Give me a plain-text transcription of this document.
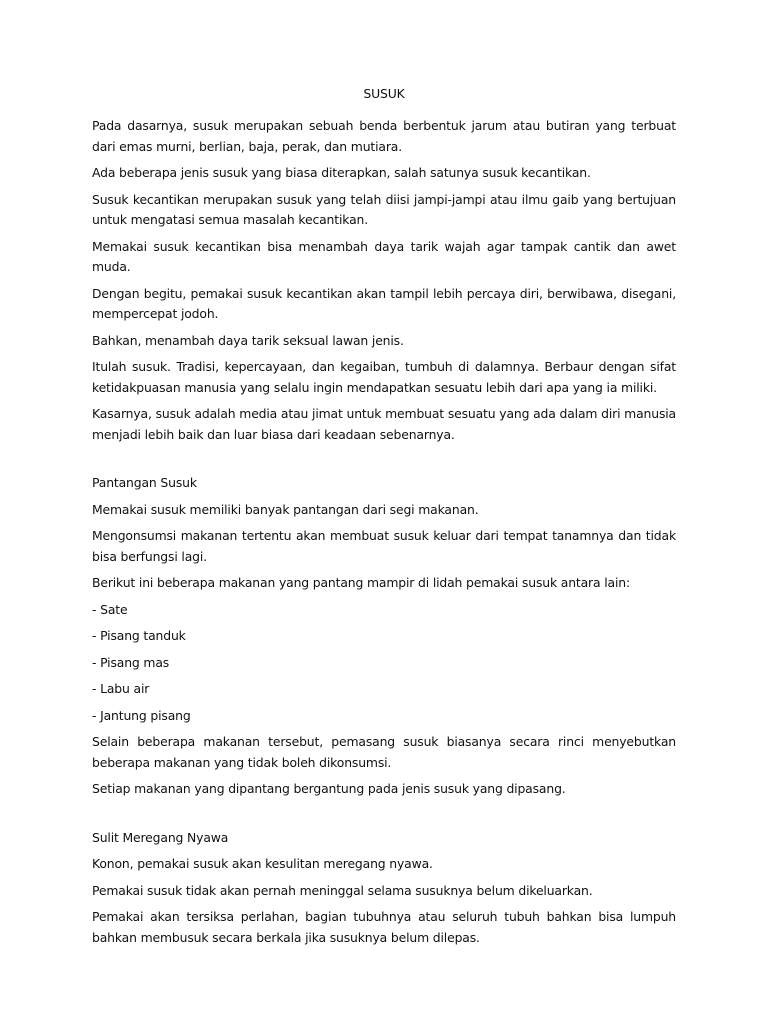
SUSUK

Pada dasarnya, susuk merupakan sebuah benda berbentuk jarum atau butiran yang terbuat dari emas murni, berlian, baja, perak, dan mutiara.

Ada beberapa jenis susuk yang biasa diterapkan, salah satunya susuk kecantikan.

Susuk kecantikan merupakan susuk yang telah diisi jampi-jampi atau ilmu gaib yang bertujuan untuk mengatasi semua masalah kecantikan.

Memakai susuk kecantikan bisa menambah daya tarik wajah agar tampak cantik dan awet muda.

Dengan begitu, pemakai susuk kecantikan akan tampil lebih percaya diri, berwibawa, disegani, mempercepat jodoh.

Bahkan, menambah daya tarik seksual lawan jenis.

Itulah susuk. Tradisi, kepercayaan, dan kegaiban, tumbuh di dalamnya. Berbaur dengan sifat ketidakpuasan manusia yang selalu ingin mendapatkan sesuatu lebih dari apa yang ia miliki.

Kasarnya, susuk adalah media atau jimat untuk membuat sesuatu yang ada dalam diri manusia menjadi lebih baik dan luar biasa dari keadaan sebenarnya.

Pantangan Susuk

Memakai susuk memiliki banyak pantangan dari segi makanan.

Mengonsumsi makanan tertentu akan membuat susuk keluar dari tempat tanamnya dan tidak bisa berfungsi lagi.

Berikut ini beberapa makanan yang pantang mampir di lidah pemakai susuk antara lain:

- Sate

- Pisang tanduk

- Pisang mas

- Labu air

- Jantung pisang

Selain beberapa makanan tersebut, pemasang susuk biasanya secara rinci menyebutkan beberapa makanan yang tidak boleh dikonsumsi.

Setiap makanan yang dipantang bergantung pada jenis susuk yang dipasang.

Sulit Meregang Nyawa

Konon, pemakai susuk akan kesulitan meregang nyawa.

Pemakai susuk tidak akan pernah meninggal selama susuknya belum dikeluarkan.

Pemakai akan tersiksa perlahan, bagian tubuhnya atau seluruh tubuh bahkan bisa lumpuh bahkan membusuk secara berkala jika susuknya belum dilepas.
